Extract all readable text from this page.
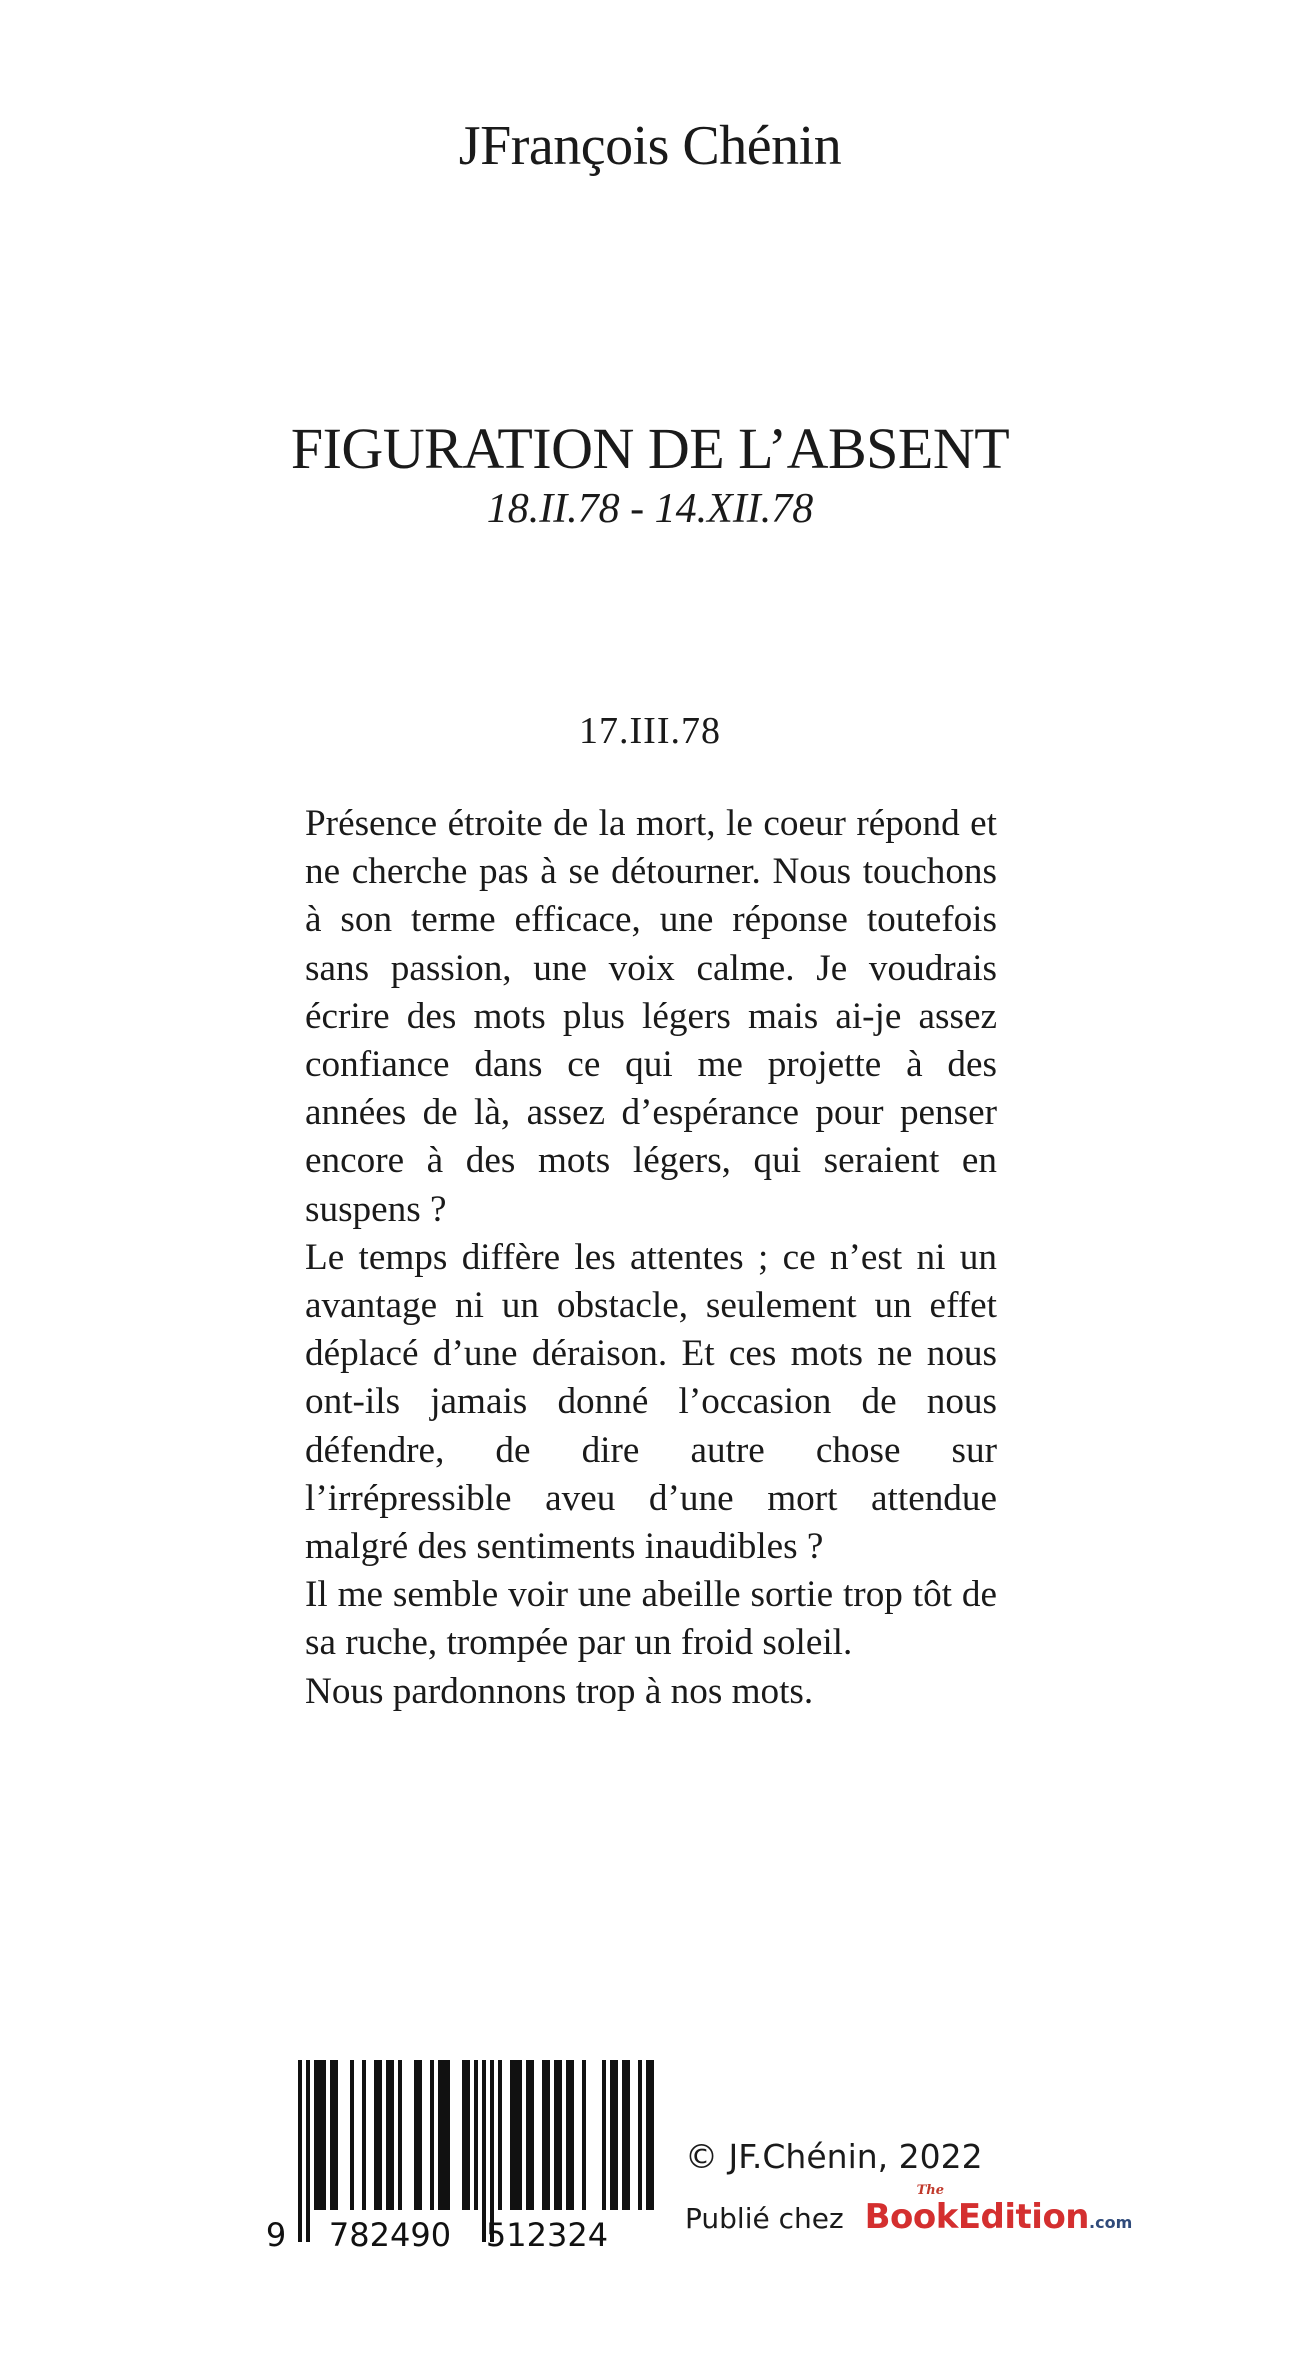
JFrançois Chénin
FIGURATION DE L’ABSENT
18.II.78 - 14.XII.78
17.III.78

Présence étroite de la mort, le coeur répond et ne cherche pas à se détourner. Nous touchons à son terme efficace, une réponse toutefois sans passion, une voix calme. Je voudrais écrire des mots plus légers mais ai-je assez confiance dans ce qui me projette à des années de là, assez d’espérance pour penser encore à des mots légers, qui seraient en suspens ?

Le temps diffère les attentes ; ce n’est ni un avantage ni un obstacle, seulement un effet déplacé d’une déraison. Et ces mots ne nous ont-ils jamais donné l’occasion de nous défendre, de dire autre chose sur l’irrépressible aveu d’une mort attendue malgré des sentiments inaudibles ?

Il me semble voir une abeille sortie trop tôt de sa ruche, trompée par un froid soleil.

Nous pardonnons trop à nos mots.

9 782490 512324
© JF.Chénin, 2022
Publié chez
The
BookEdition.com
